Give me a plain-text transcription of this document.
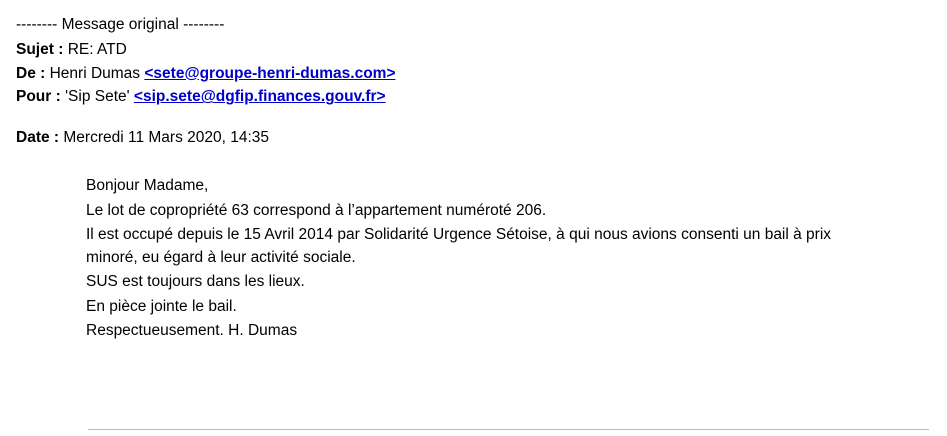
-------- Message original --------
Sujet : RE: ATD
De : Henri Dumas <sete@groupe-henri-dumas.com>
Pour : 'Sip Sete' <sip.sete@dgfip.finances.gouv.fr>
Date : Mercredi 11 Mars 2020, 14:35

Bonjour Madame,

Le lot de copropriété 63 correspond à l’appartement numéroté 206.

Il est occupé depuis le 15 Avril 2014 par Solidarité Urgence Sétoise, à qui nous avions consenti un bail à prix minoré, eu égard à leur activité sociale.

SUS est toujours dans les lieux.

En pièce jointe le bail.

Respectueusement. H. Dumas
